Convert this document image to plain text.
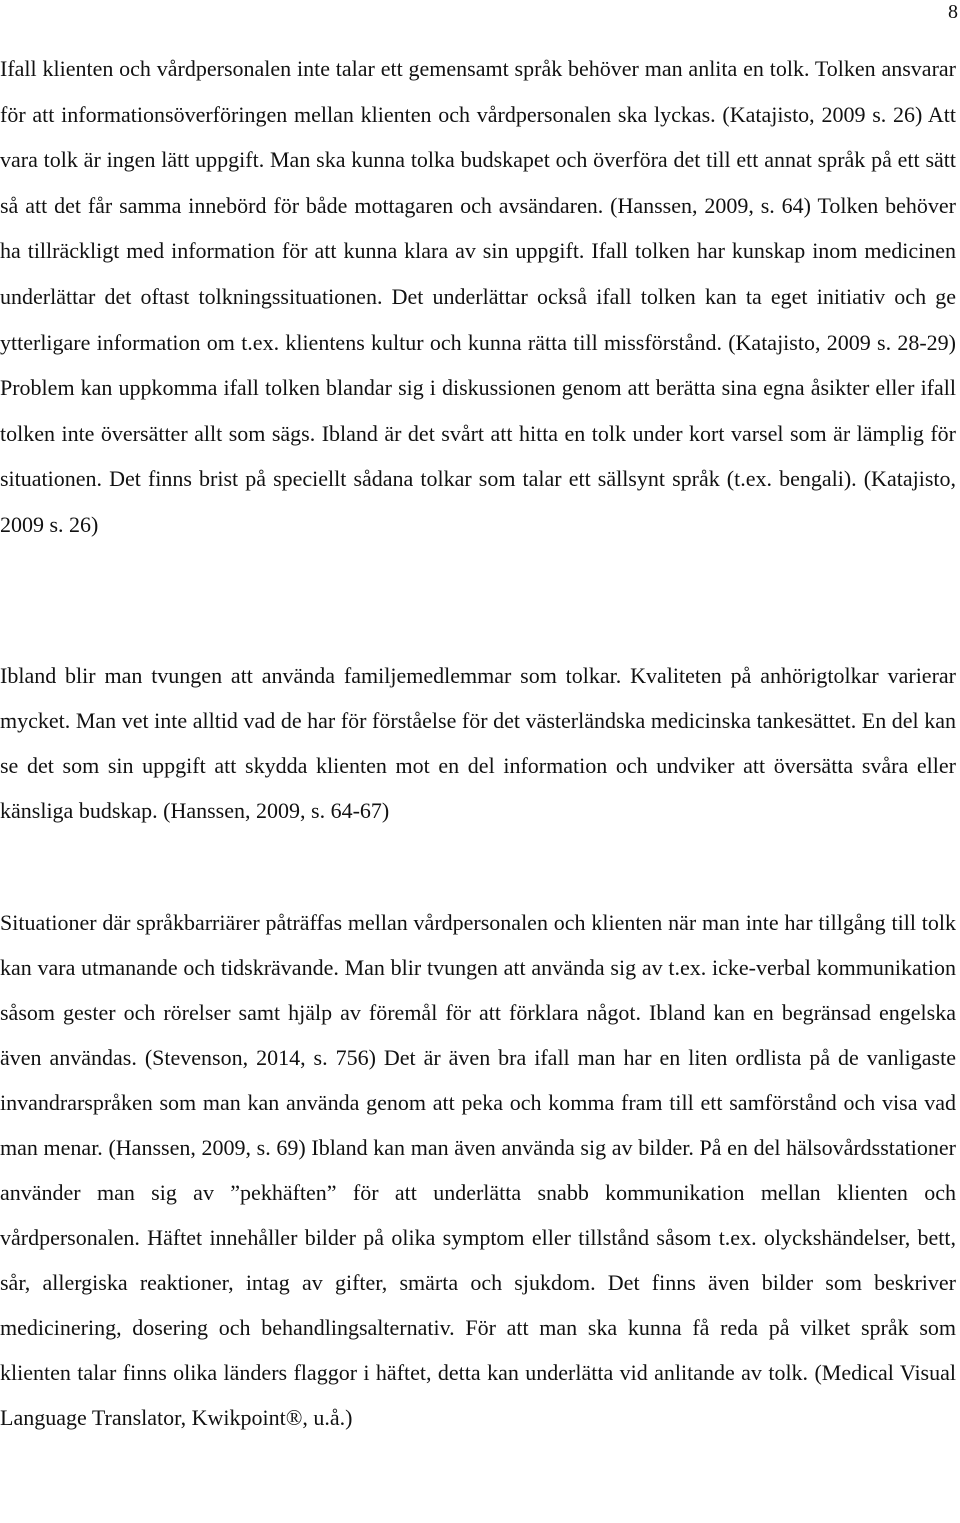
8

Ifall klienten och vårdpersonalen inte talar ett gemensamt språk behöver man anlita en tolk. Tolken ansvarar för att informationsöverföringen mellan klienten och vårdpersonalen ska lyckas. (Katajisto, 2009 s. 26) Att vara tolk är ingen lätt uppgift. Man ska kunna tolka budskapet och överföra det till ett annat språk på ett sätt så att det får samma innebörd för både mottagaren och avsändaren. (Hanssen, 2009, s. 64) Tolken behöver ha tillräckligt med information för att kunna klara av sin uppgift. Ifall tolken har kunskap inom medicinen underlättar det oftast tolkningssituationen. Det underlättar också ifall tolken kan ta eget initiativ och ge ytterligare information om t.ex. klientens kultur och kunna rätta till missförstånd. (Katajisto, 2009 s. 28-29) Problem kan uppkomma ifall tolken blandar sig i diskussionen genom att berätta sina egna åsikter eller ifall tolken inte översätter allt som sägs. Ibland är det svårt att hitta en tolk under kort varsel som är lämplig för situationen. Det finns brist på speciellt sådana tolkar som talar ett sällsynt språk (t.ex. bengali). (Katajisto, 2009 s. 26)

Ibland blir man tvungen att använda familjemedlemmar som tolkar. Kvaliteten på anhörigtolkar varierar mycket. Man vet inte alltid vad de har för förståelse för det västerländska medicinska tankesättet. En del kan se det som sin uppgift att skydda klienten mot en del information och undviker att översätta svåra eller känsliga budskap. (Hanssen, 2009, s. 64-67)

Situationer där språkbarriärer påträffas mellan vårdpersonalen och klienten när man inte har tillgång till tolk kan vara utmanande och tidskrävande. Man blir tvungen att använda sig av t.ex. icke-verbal kommunikation såsom gester och rörelser samt hjälp av föremål för att förklara något. Ibland kan en begränsad engelska även användas. (Stevenson, 2014, s. 756) Det är även bra ifall man har en liten ordlista på de vanligaste invandrarspråken som man kan använda genom att peka och komma fram till ett samförstånd och visa vad man menar. (Hanssen, 2009, s. 69) Ibland kan man även använda sig av bilder. På en del hälsovårdsstationer använder man sig av ”pekhäften” för att underlätta snabb kommunikation mellan klienten och vårdpersonalen. Häftet innehåller bilder på olika symptom eller tillstånd såsom t.ex. olyckshändelser, bett, sår, allergiska reaktioner, intag av gifter, smärta och sjukdom. Det finns även bilder som beskriver medicinering, dosering och behandlingsalternativ. För att man ska kunna få reda på vilket språk som klienten talar finns olika länders flaggor i häftet, detta kan underlätta vid anlitande av tolk. (Medical Visual Language Translator, Kwikpoint®, u.å.)
